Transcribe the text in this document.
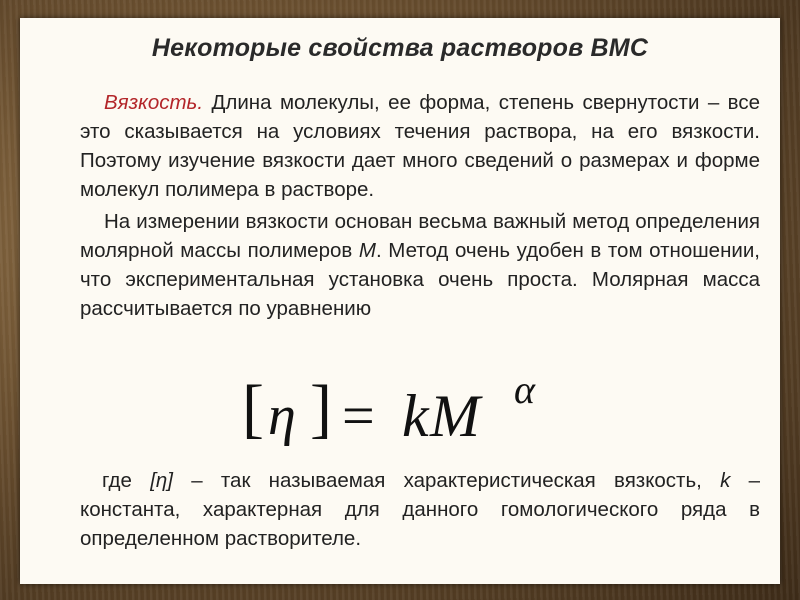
Некоторые свойства растворов ВМС

Вязкость. Длина молекулы, ее форма, степень свернутости – все это сказывается на условиях течения раствора, на его вязкости. Поэтому изучение вязкости дает много сведений о размерах и форме молекул полимера в растворе.

На измерении вязкости основан весьма важный метод определения молярной массы полимеров М. Метод очень удобен в том отношении, что экспериментальная установка очень проста. Молярная масса рассчитывается по уравнению

[ η ] = k M α

где [η] – так называемая характеристическая вязкость, k – константа, характерная для данного гомологического ряда в определенном растворителе.
